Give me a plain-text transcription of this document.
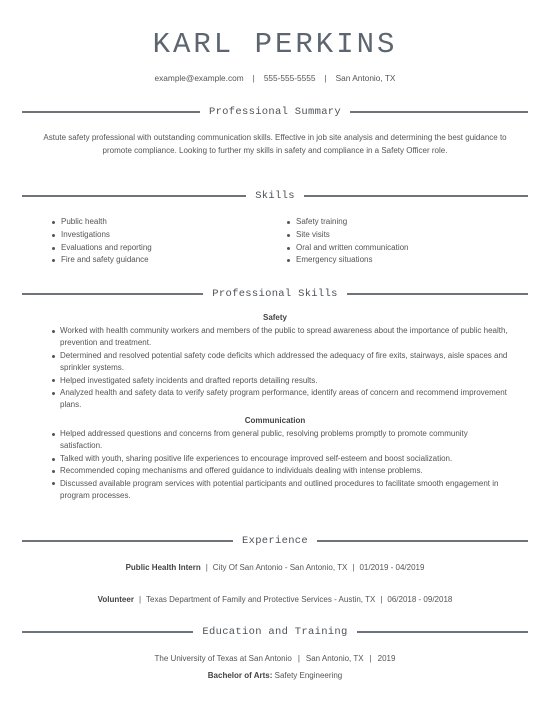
KARL PERKINS
example@example.com | 555-555-5555 | San Antonio, TX
Professional Summary
Astute safety professional with outstanding communication skills. Effective in job site analysis and determining the best guidance to promote compliance. Looking to further my skills in safety and compliance in a Safety Officer role.
Skills
Public health
Investigations
Evaluations and reporting
Fire and safety guidance
Safety training
Site visits
Oral and written communication
Emergency situations
Professional Skills
Safety
Worked with health community workers and members of the public to spread awareness about the importance of public health, prevention and treatment.
Determined and resolved potential safety code deficits which addressed the adequacy of fire exits, stairways, aisle spaces and sprinkler systems.
Helped investigated safety incidents and drafted reports detailing results.
Analyzed health and safety data to verify safety program performance, identify areas of concern and recommend improvement plans.
Communication
Helped addressed questions and concerns from general public, resolving problems promptly to promote community satisfaction.
Talked with youth, sharing positive life experiences to encourage improved self-esteem and boost socialization.
Recommended coping mechanisms and offered guidance to individuals dealing with intense problems.
Discussed available program services with potential participants and outlined procedures to facilitate smooth engagement in program processes.
Experience
Public Health Intern | City Of San Antonio - San Antonio, TX | 01/2019 - 04/2019
Volunteer | Texas Department of Family and Protective Services - Austin, TX | 06/2018 - 09/2018
Education and Training
The University of Texas at San Antonio | San Antonio, TX | 2019
Bachelor of Arts: Safety Engineering
